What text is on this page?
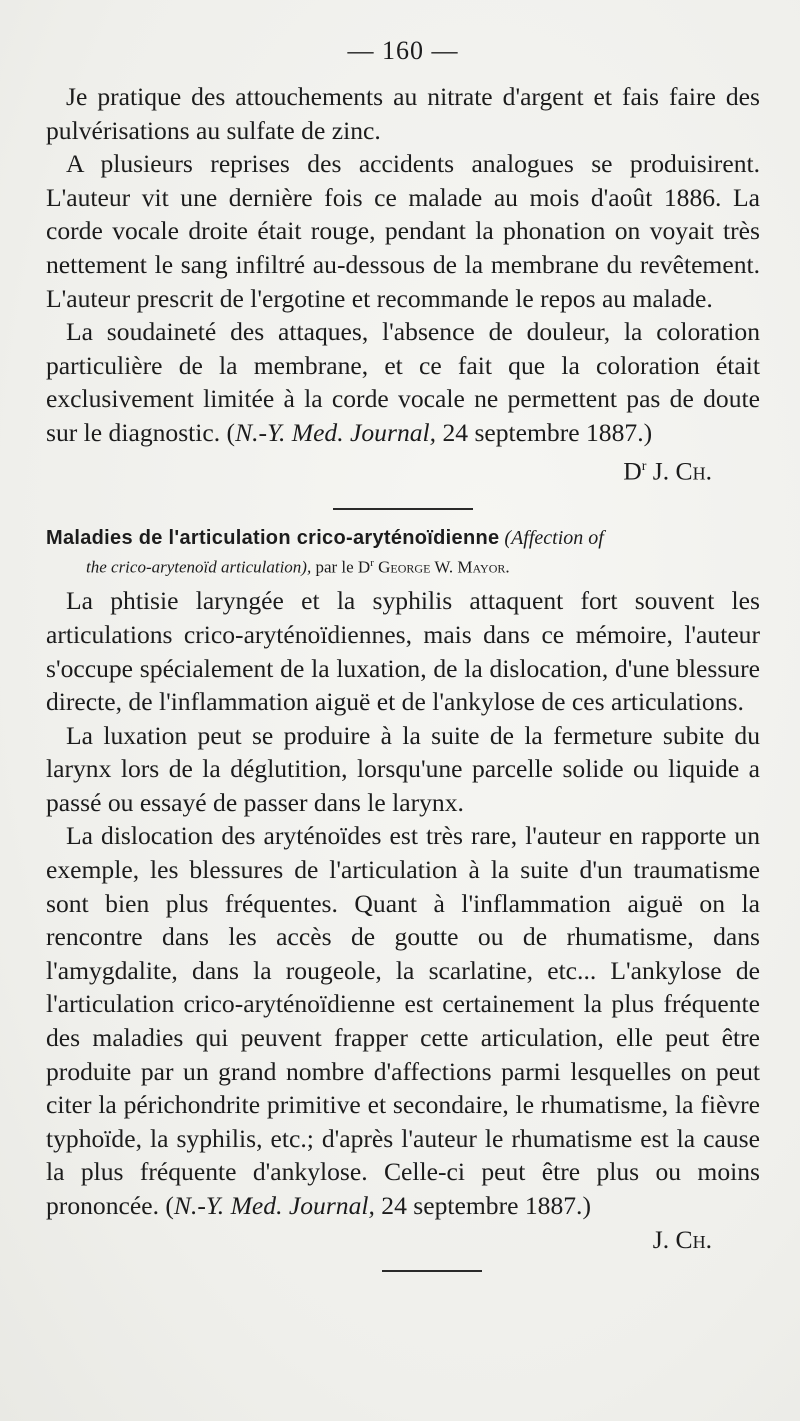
— 160 —

Je pratique des attouchements au nitrate d'argent et fais faire des pulvérisations au sulfate de zinc.

A plusieurs reprises des accidents analogues se produisirent. L'auteur vit une dernière fois ce malade au mois d'août 1886. La corde vocale droite était rouge, pendant la phonation on voyait très nettement le sang infiltré au-dessous de la membrane du revêtement. L'auteur prescrit de l'ergotine et recommande le repos au malade.

La soudaineté des attaques, l'absence de douleur, la coloration particulière de la membrane, et ce fait que la coloration était exclusivement limitée à la corde vocale ne permettent pas de doute sur le diagnostic. (N.-Y. Med. Journal, 24 septembre 1887.)

$D^r$ J. Ch.

Maladies de l'articulation crico-aryténoïdienne (Affection of

the crico-arytenoïd articulation), par le $D^r$ George W. Mayor.

La phtisie laryngée et la syphilis attaquent fort souvent les articulations crico-aryténoïdiennes, mais dans ce mémoire, l'auteur s'occupe spécialement de la luxation, de la dislocation, d'une blessure directe, de l'inflammation aiguë et de l'ankylose de ces articulations.

La luxation peut se produire à la suite de la fermeture subite du larynx lors de la déglutition, lorsqu'une parcelle solide ou liquide a passé ou essayé de passer dans le larynx.

La dislocation des aryténoïdes est très rare, l'auteur en rapporte un exemple, les blessures de l'articulation à la suite d'un traumatisme sont bien plus fréquentes. Quant à l'inflammation aiguë on la rencontre dans les accès de goutte ou de rhumatisme, dans l'amygdalite, dans la rougeole, la scarlatine, etc... L'ankylose de l'articulation crico-aryténoïdienne est certainement la plus fréquente des maladies qui peuvent frapper cette articulation, elle peut être produite par un grand nombre d'affections parmi lesquelles on peut citer la périchondrite primitive et secondaire, le rhumatisme, la fièvre typhoïde, la syphilis, etc.; d'après l'auteur le rhumatisme est la cause la plus fréquente d'ankylose. Celle-ci peut être plus ou moins prononcée. (N.-Y. Med. Journal, 24 septembre 1887.)

J. Ch.
